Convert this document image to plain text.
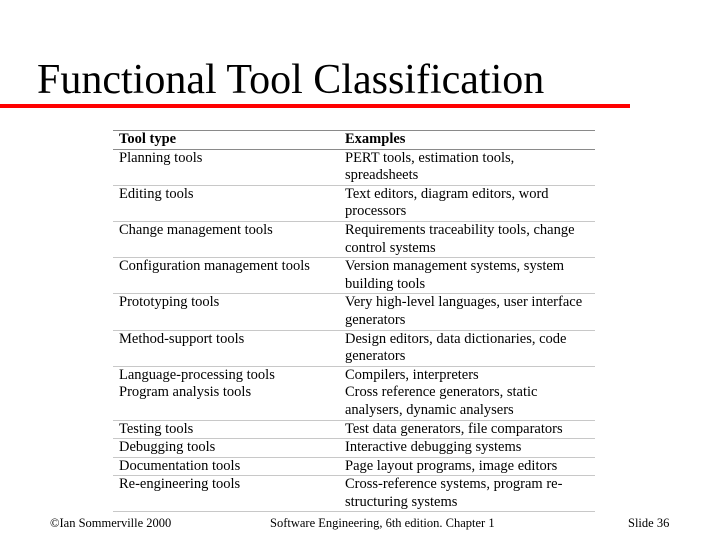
Functional Tool Classification
Tool type	Examples
Planning tools	PERT tools, estimation tools, spreadsheets
Editing tools	Text editors, diagram editors, word processors
Change management tools	Requirements traceability tools, change control systems
Configuration management tools	Version management systems, system building tools
Prototyping tools	Very high-level languages, user interface generators
Method-support tools	Design editors, data dictionaries, code generators
Language-processing tools	Compilers, interpreters
Program analysis tools	Cross reference generators, static analysers, dynamic analysers
Testing tools	Test data generators, file comparators
Debugging tools	Interactive debugging systems
Documentation tools	Page layout programs, image editors
Re-engineering tools	Cross-reference systems, program re-structuring systems
©Ian Sommerville 2000	Software Engineering, 6th edition. Chapter 1	Slide 36
